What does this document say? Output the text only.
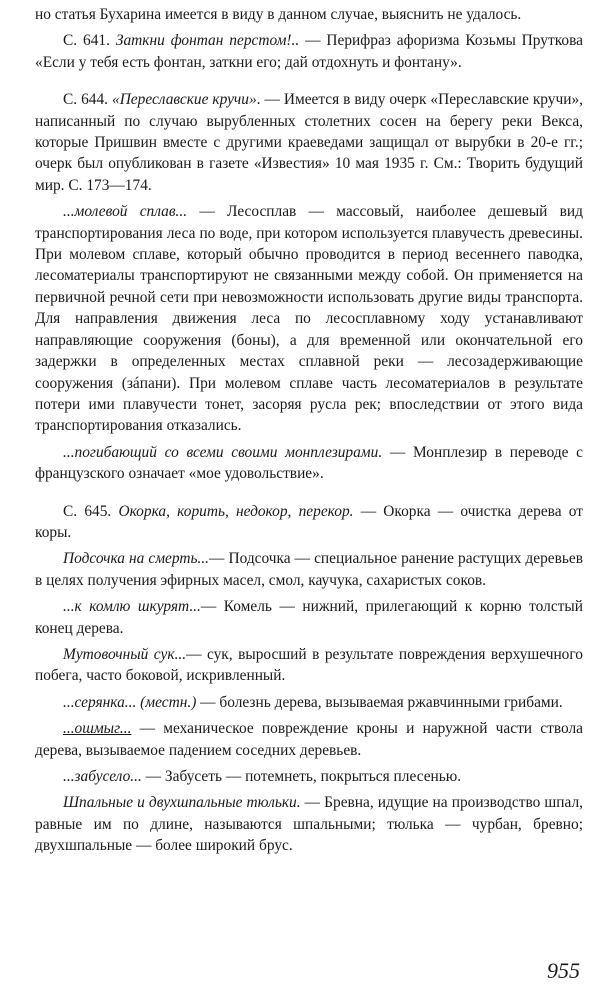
но статья Бухарина имеется в виду в данном случае, выяснить не удалось.

С. 641. Заткни фонтан перстом!.. — Перифраз афоризма Козьмы Пруткова «Если у тебя есть фонтан, заткни его; дай отдохнуть и фонтану».

С. 644. «Переславские кручи». — Имеется в виду очерк «Переславские кручи», написанный по случаю вырубленных столетних сосен на берегу реки Векса, которые Пришвин вместе с другими краеведами защищал от вырубки в 20-е гг.; очерк был опубликован в газете «Известия» 10 мая 1935 г. См.: Творить будущий мир. С. 173—174.

...молевой сплав... — Лесосплав — массовый, наиболее дешевый вид транспортирования леса по воде, при котором используется плавучесть древесины. При молевом сплаве, который обычно проводится в период весеннего паводка, лесоматериалы транспортируют не связанными между собой. Он применяется на первичной речной сети при невозможности использовать другие виды транспорта. Для направления движения леса по лесосплавному ходу устанавливают направляющие сооружения (боны), а для временной или окончательной его задержки в определенных местах сплавной реки — лесозадерживающие сооружения (зáпани). При молевом сплаве часть лесоматериалов в результате потери ими плавучести тонет, засоряя русла рек; впоследствии от этого вида транспортирования отказались.

...погибающий со всеми своими монплезирами. — Монплезир в переводе с французского означает «мое удовольствие».

С. 645. Окорка, корить, недокор, перекор. — Окорка — очистка дерева от коры.

Подсочка на смерть...— Подсочка — специальное ранение растущих деревьев в целях получения эфирных масел, смол, каучука, сахаристых соков.

...к комлю шкурят...— Комель — нижний, прилегающий к корню толстый конец дерева.

Мутовочный сук...— сук, выросший в результате повреждения верхушечного побега, часто боковой, искривленный.

...серянка... (местн.) — болезнь дерева, вызываемая ржавчинными грибами.

...ошмыг... — механическое повреждение кроны и наружной части ствола дерева, вызываемое падением соседних деревьев.

...забусело... — Забусеть — потемнеть, покрыться плесенью.

Шпальные и двухшпальные тюльки. — Бревна, идущие на производство шпал, равные им по длине, называются шпальными; тюлька — чурбан, бревно; двухшпальные — более широкий брус.

955
